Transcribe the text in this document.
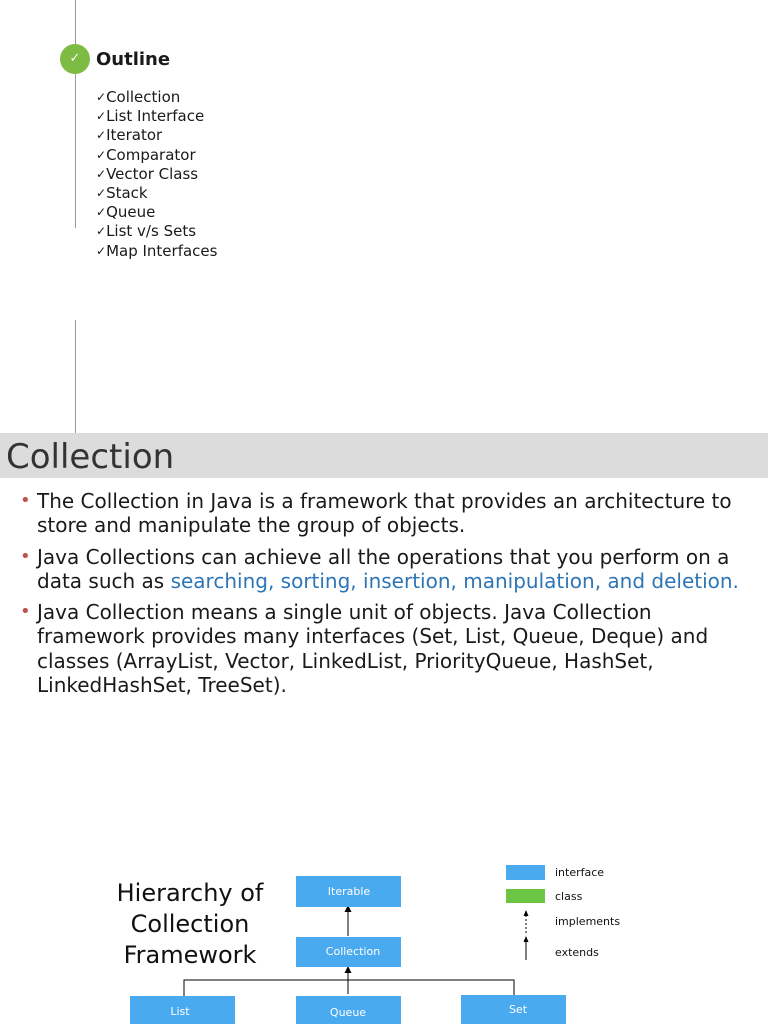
✓ Outline
✓Collection
✓List Interface
✓Iterator
✓Comparator
✓Vector Class
✓Stack
✓Queue
✓List v/s Sets
✓Map Interfaces
Collection
• The Collection in Java is a framework that provides an architecture to store and manipulate the group of objects.
• Java Collections can achieve all the operations that you perform on a data such as searching, sorting, insertion, manipulation, and deletion.
• Java Collection means a single unit of objects. Java Collection framework provides many interfaces (Set, List, Queue, Deque) and classes (ArrayList, Vector, LinkedList, PriorityQueue, HashSet, LinkedHashSet, TreeSet).
Hierarchy of Collection Framework
Iterable
Collection
List	Queue	Set
interface
class
implements
extends
